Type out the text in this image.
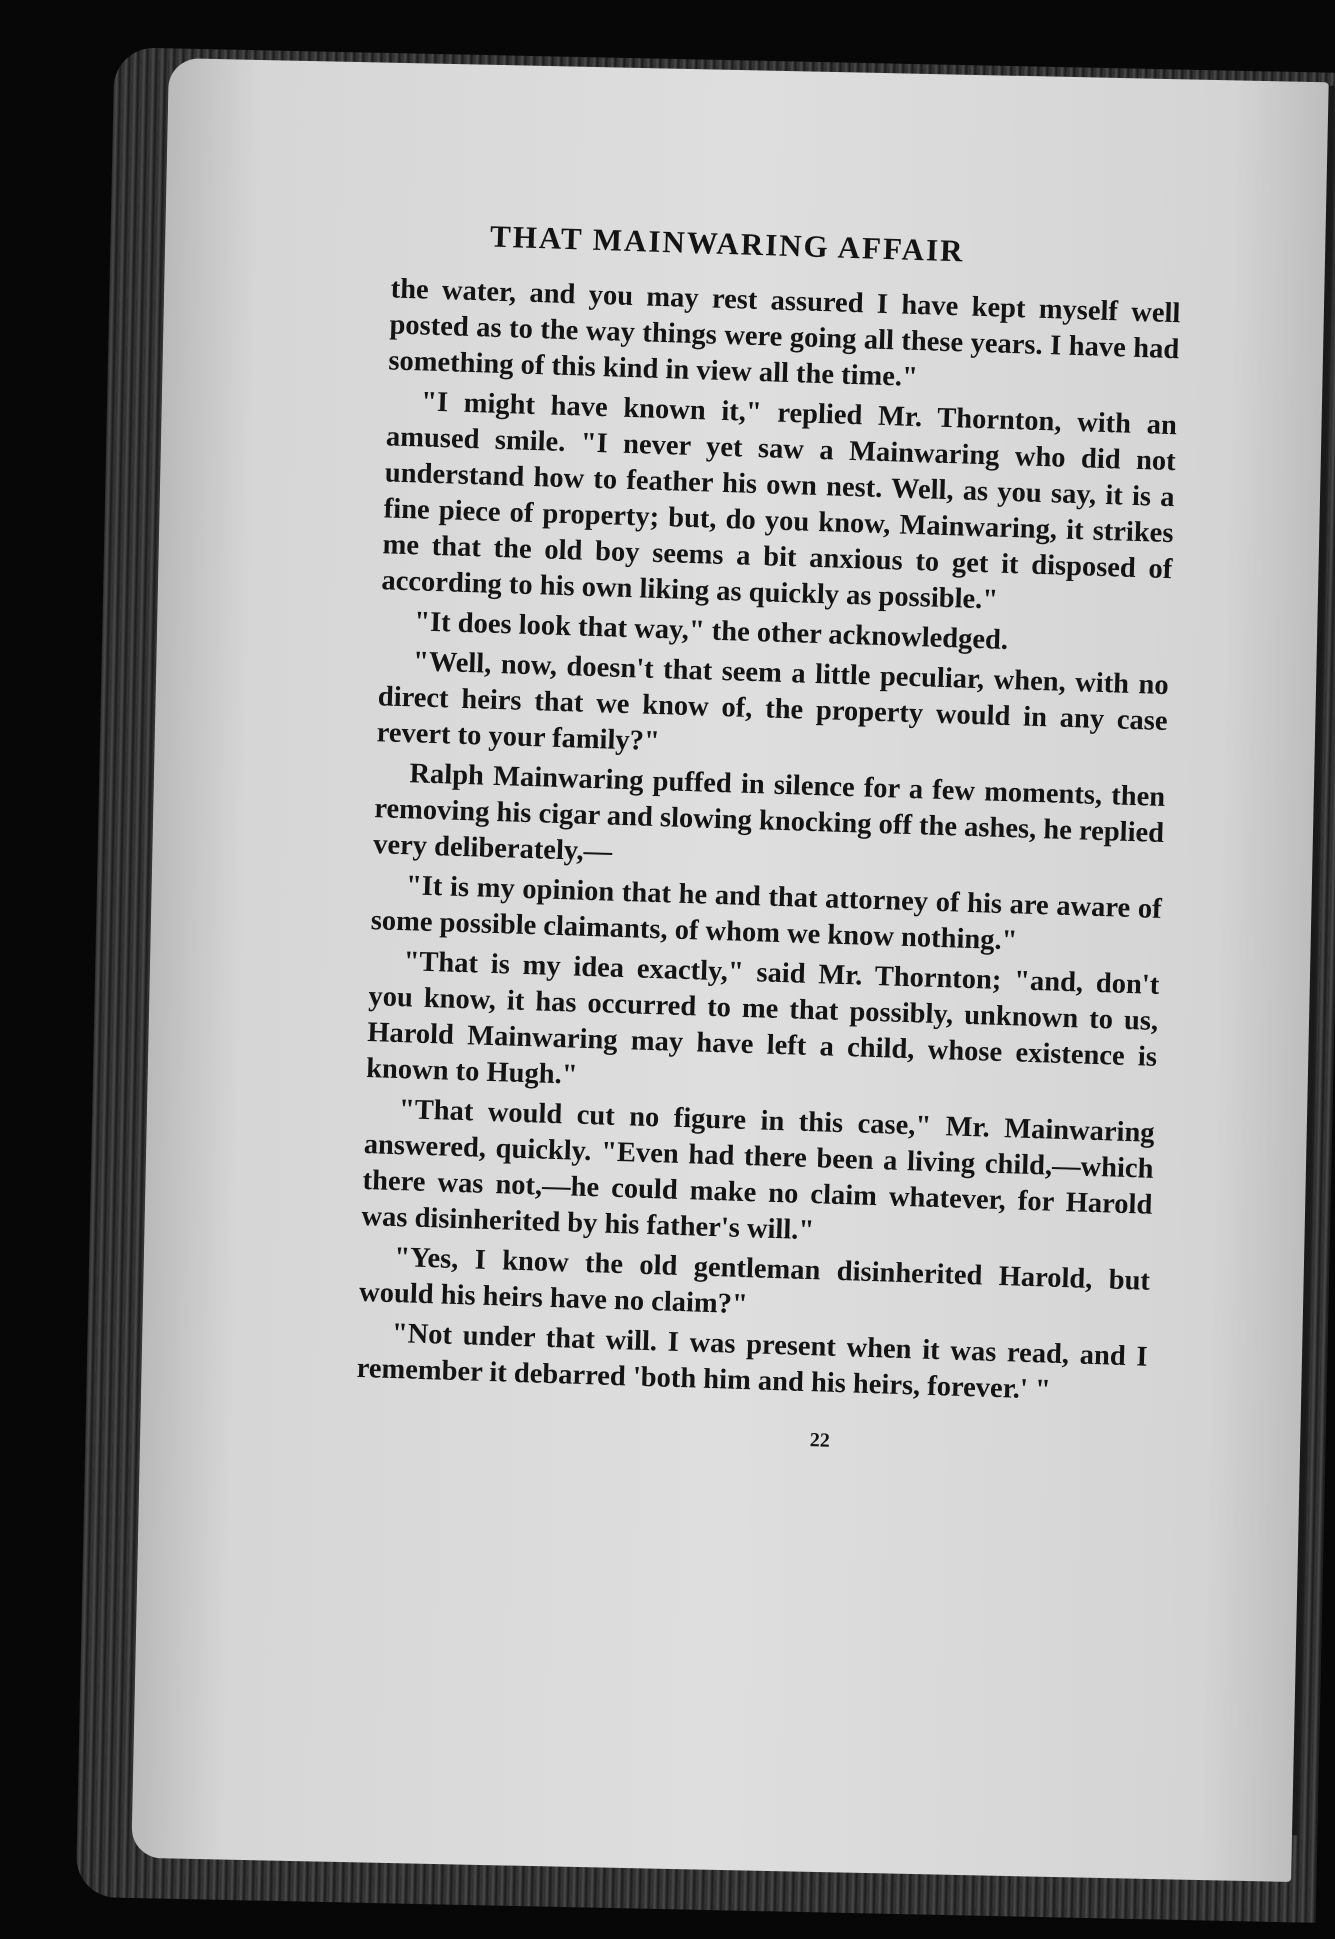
THAT MAINWARING AFFAIR

the water, and you may rest assured I have kept myself well posted as to the way things were going all these years. I have had something of this kind in view all the time."

"I might have known it," replied Mr. Thornton, with an amused smile. "I never yet saw a Mainwaring who did not understand how to feather his own nest. Well, as you say, it is a fine piece of property; but, do you know, Mainwaring, it strikes me that the old boy seems a bit anxious to get it disposed of according to his own liking as quickly as possible."

"It does look that way," the other acknowledged.

"Well, now, doesn't that seem a little peculiar, when, with no direct heirs that we know of, the property would in any case revert to your family?"

Ralph Mainwaring puffed in silence for a few moments, then removing his cigar and slowing knocking off the ashes, he replied very deliberately,—

"It is my opinion that he and that attorney of his are aware of some possible claimants, of whom we know nothing."

"That is my idea exactly," said Mr. Thornton; "and, don't you know, it has occurred to me that possibly, unknown to us, Harold Mainwaring may have left a child, whose existence is known to Hugh."

"That would cut no figure in this case," Mr. Mainwaring answered, quickly. "Even had there been a living child,—which there was not,—he could make no claim whatever, for Harold was disinherited by his father's will."

"Yes, I know the old gentleman disinherited Harold, but would his heirs have no claim?"

"Not under that will. I was present when it was read, and I remember it debarred 'both him and his heirs, forever.' "

22
